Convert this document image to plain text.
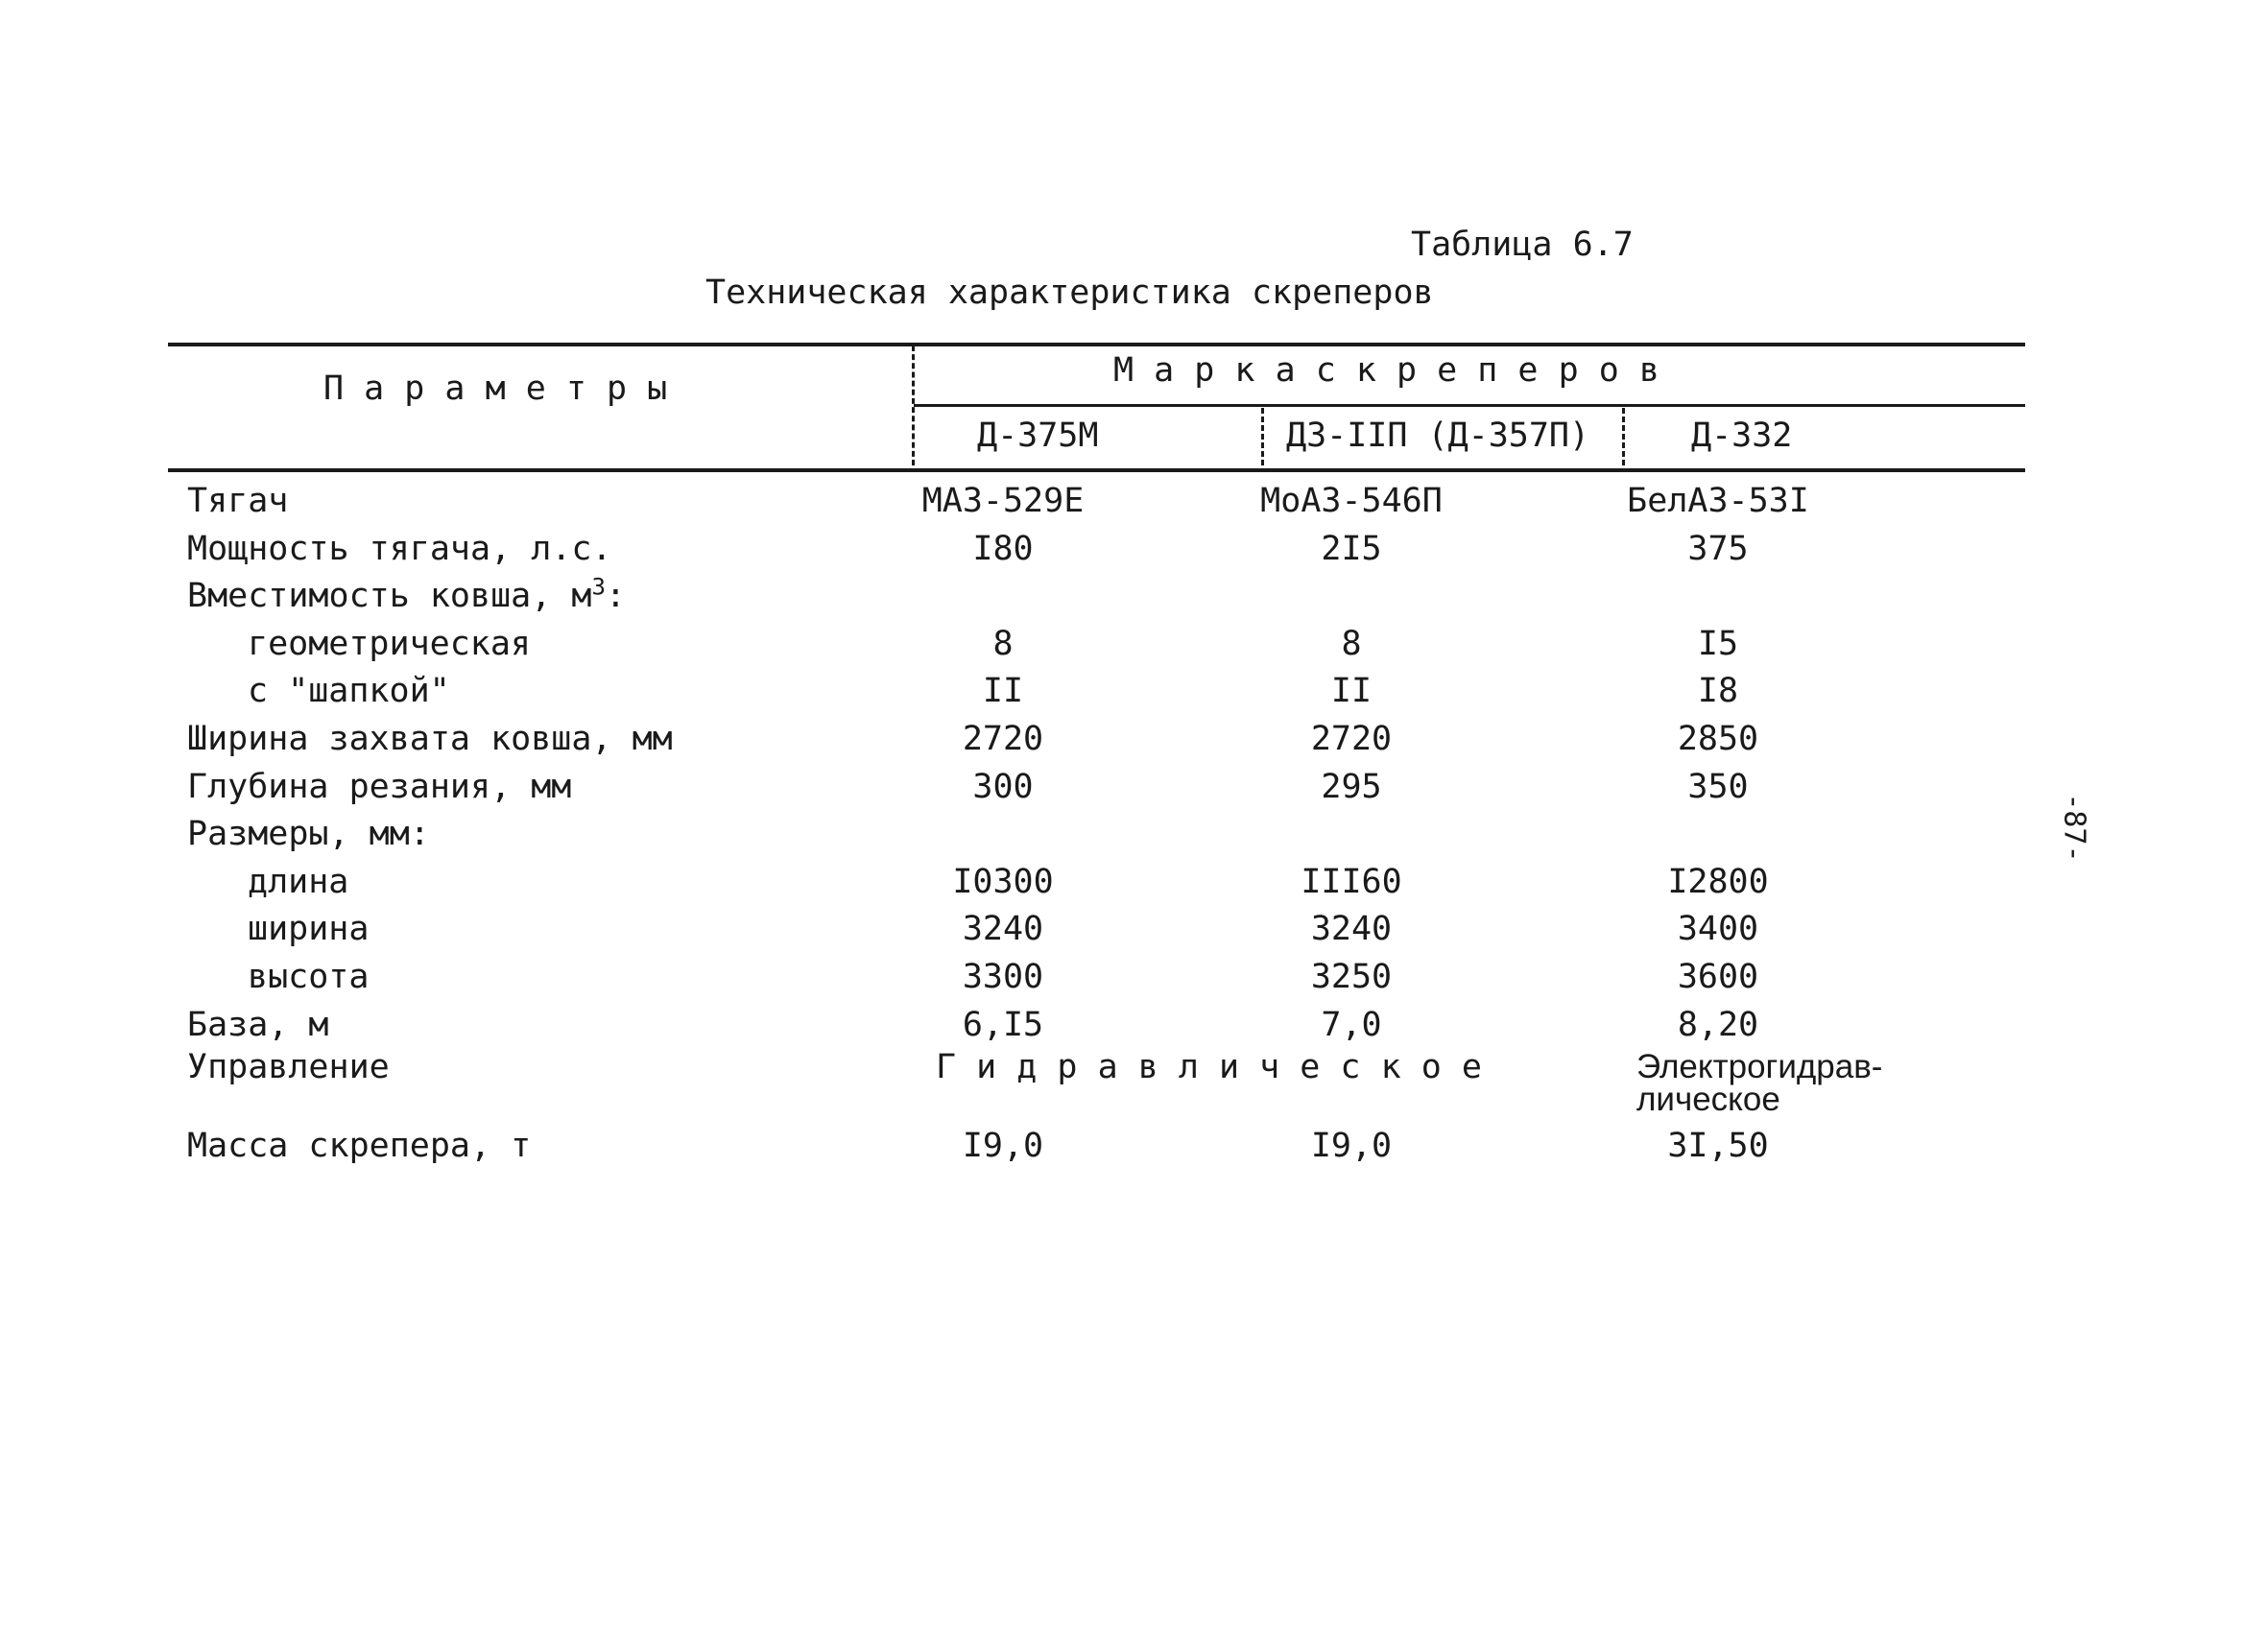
Таблица 6.7
Техническая характеристика скреперов
П а р а м е т р ы	М а р к а с к р е п е р о в
Д-375М	ДЗ-IIП (Д-357П)	Д-332
Тягач	МАЗ-529Е	МоАЗ-546П	БелАЗ-53I
Мощность тягача, л.с.	I80	2I5	375
Вместимость ковша, $м^3$:
геометрическая	8	8	I5
с "шапкой"	II	II	I8
Ширина захвата ковша, мм	2720	2720	2850
Глубина резания, мм	300	295	350
Размеры, мм:
длина	I0300	III60	I2800
ширина	3240	3240	3400
высота	3300	3250	3600
База, м	6,I5	7,0	8,20
Управление	Г и д р а в л и ч е с к о е	Электрогидрав-
лическое
Масса скрепера, т	I9,0	I9,0	3I,50
-87-
